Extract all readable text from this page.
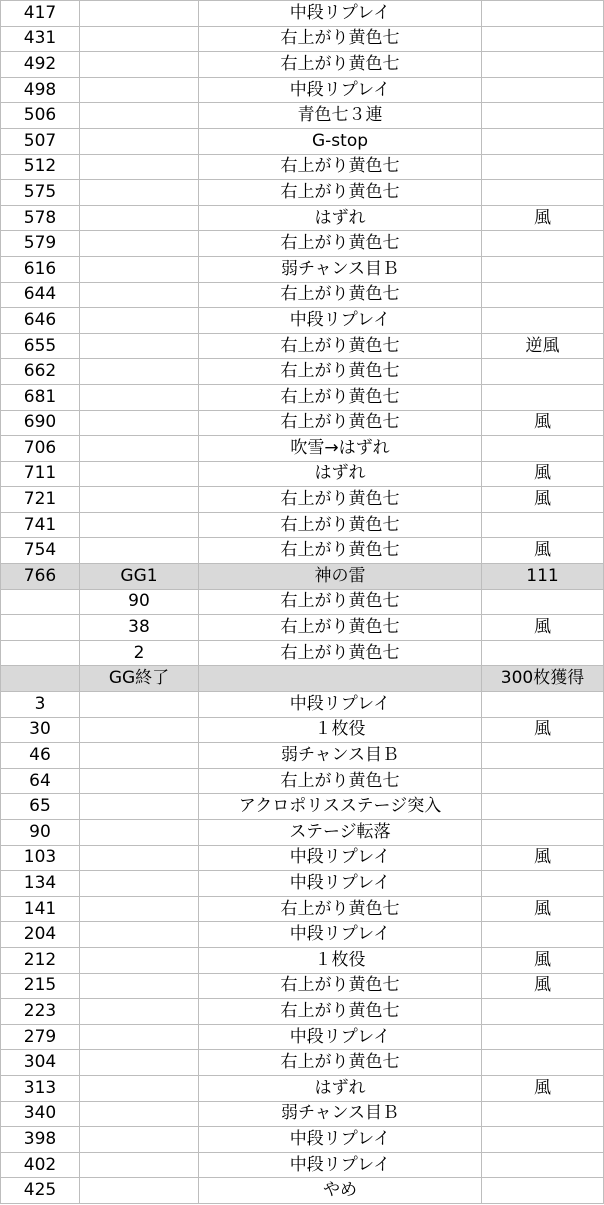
417		中段リプレイ	
431		右上がり黄色七	
492		右上がり黄色七	
498		中段リプレイ	
506		青色七３連	
507		G-stop	
512		右上がり黄色七	
575		右上がり黄色七	
578		はずれ	風
579		右上がり黄色七	
616		弱チャンス目Ｂ	
644		右上がり黄色七	
646		中段リプレイ	
655		右上がり黄色七	逆風
662		右上がり黄色七	
681		右上がり黄色七	
690		右上がり黄色七	風
706		吹雪→はずれ	
711		はずれ	風
721		右上がり黄色七	風
741		右上がり黄色七	
754		右上がり黄色七	風
766	GG1	神の雷	111
	90	右上がり黄色七	
	38	右上がり黄色七	風
	2	右上がり黄色七	
	GG終了		300枚獲得
3		中段リプレイ	
30		１枚役	風
46		弱チャンス目Ｂ	
64		右上がり黄色七	
65		アクロポリスステージ突入	
90		ステージ転落	
103		中段リプレイ	風
134		中段リプレイ	
141		右上がり黄色七	風
204		中段リプレイ	
212		１枚役	風
215		右上がり黄色七	風
223		右上がり黄色七	
279		中段リプレイ	
304		右上がり黄色七	
313		はずれ	風
340		弱チャンス目Ｂ	
398		中段リプレイ	
402		中段リプレイ	
425		やめ	
